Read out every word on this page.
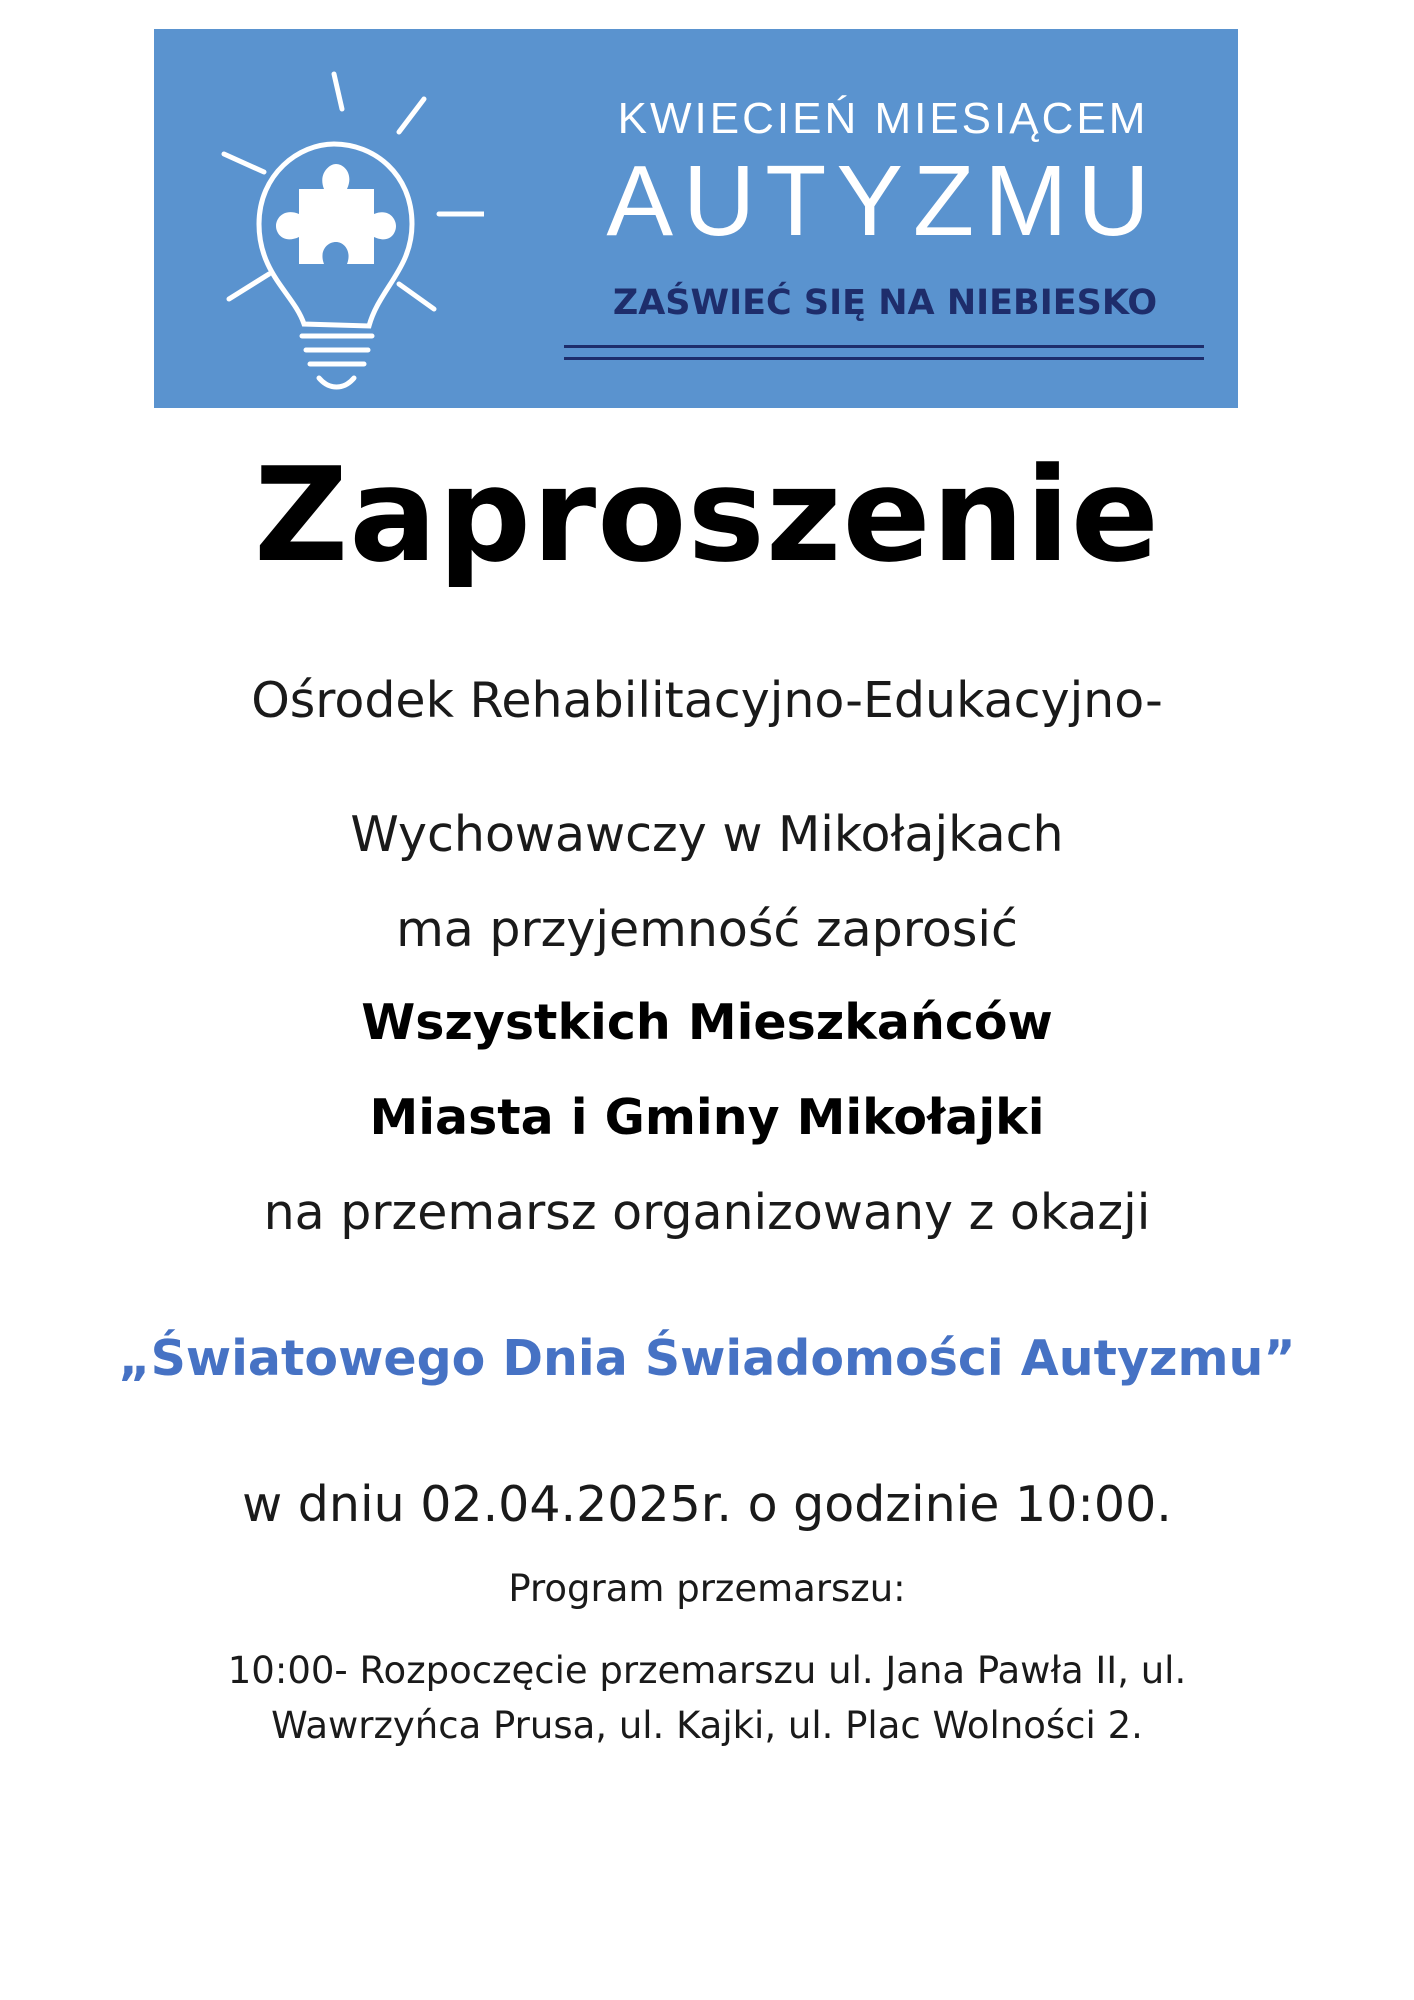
KWIECIEŃ MIESIĄCEM
AUTYZMU
ZAŚWIEĆ SIĘ NA NIEBIESKO
Zaproszenie
Ośrodek Rehabilitacyjno-Edukacyjno-
Wychowawczy w Mikołajkach
ma przyjemność zaprosić
Wszystkich Mieszkańców
Miasta i Gminy Mikołajki
na przemarsz organizowany z okazji
„Światowego Dnia Świadomości Autyzmu”
w dniu 02.04.2025r. o godzinie 10:00.
Program przemarszu:
10:00- Rozpoczęcie przemarszu ul. Jana Pawła II, ul.
Wawrzyńca Prusa, ul. Kajki, ul. Plac Wolności 2.
